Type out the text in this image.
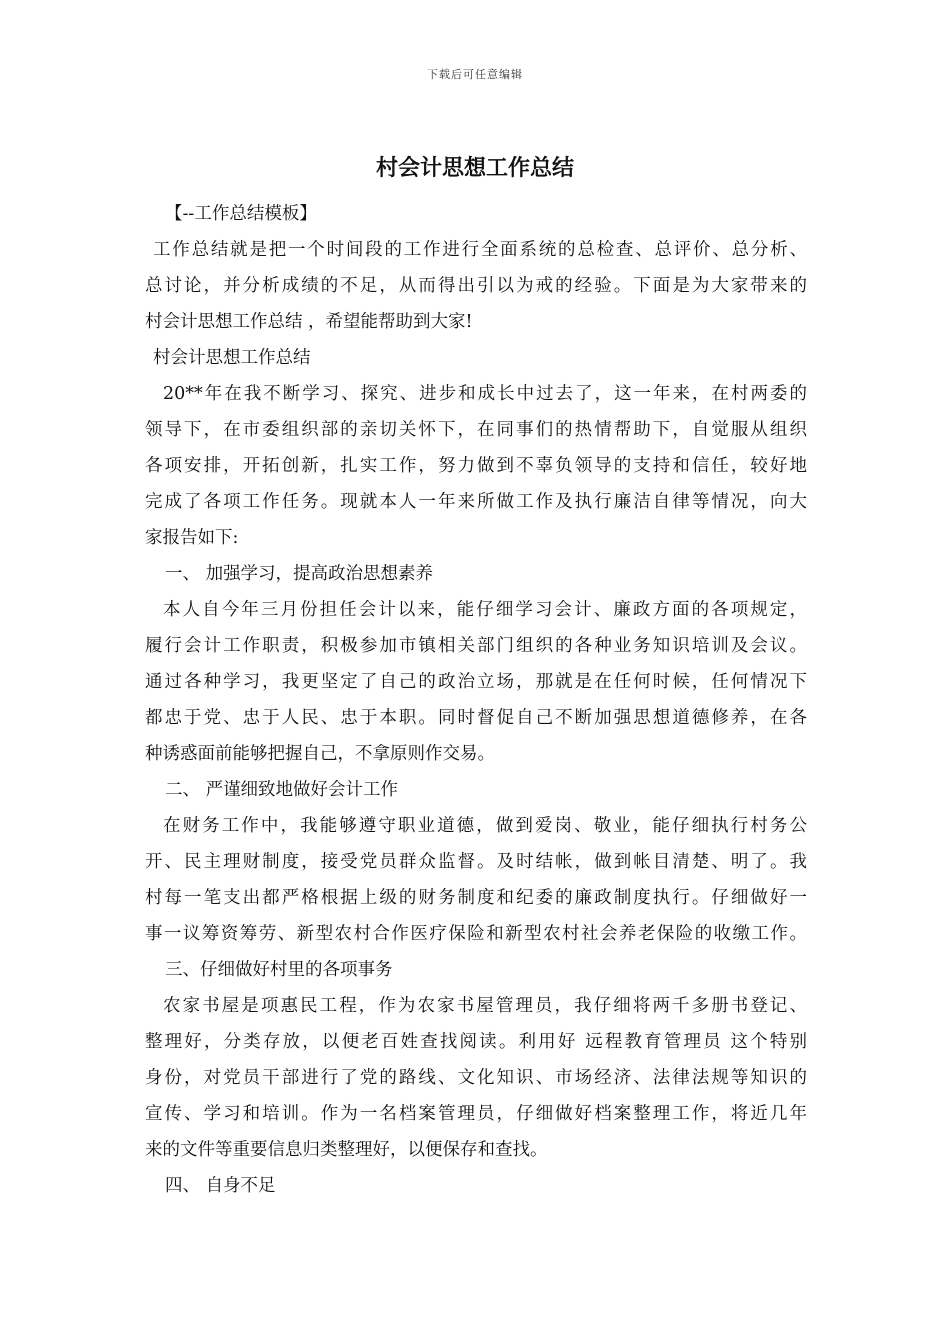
下载后可任意编辑
村会计思想工作总结
【--工作总结模板】
工作总结就是把一个时间段的工作进行全面系统的总检查、总评价、总分析、
总讨论，并分析成绩的不足，从而得出引以为戒的经验。下面是为大家带来的
村会计思想工作总结 ，希望能帮助到大家!
村会计思想工作总结
20**年在我不断学习、探究、进步和成长中过去了，这一年来，在村两委的
领导下，在市委组织部的亲切关怀下，在同事们的热情帮助下，自觉服从组织
各项安排，开拓创新，扎实工作，努力做到不辜负领导的支持和信任，较好地
完成了各项工作任务。现就本人一年来所做工作及执行廉洁自律等情况，向大
家报告如下:
一、 加强学习，提高政治思想素养
本人自今年三月份担任会计以来，能仔细学习会计、廉政方面的各项规定，
履行会计工作职责，积极参加市镇相关部门组织的各种业务知识培训及会议。
通过各种学习，我更坚定了自己的政治立场，那就是在任何时候，任何情况下
都忠于党、忠于人民、忠于本职。同时督促自己不断加强思想道德修养，在各
种诱惑面前能够把握自己，不拿原则作交易。
二、 严谨细致地做好会计工作
在财务工作中，我能够遵守职业道德，做到爱岗、敬业，能仔细执行村务公
开、民主理财制度，接受党员群众监督。及时结帐，做到帐目清楚、明了。我
村每一笔支出都严格根据上级的财务制度和纪委的廉政制度执行。仔细做好一
事一议筹资筹劳、新型农村合作医疗保险和新型农村社会养老保险的收缴工作。
三、仔细做好村里的各项事务
农家书屋是项惠民工程，作为农家书屋管理员，我仔细将两千多册书登记、
整理好，分类存放，以便老百姓查找阅读。利用好 远程教育管理员 这个特别
身份，对党员干部进行了党的路线、文化知识、市场经济、法律法规等知识的
宣传、学习和培训。作为一名档案管理员，仔细做好档案整理工作，将近几年
来的文件等重要信息归类整理好，以便保存和查找。
四、 自身不足
